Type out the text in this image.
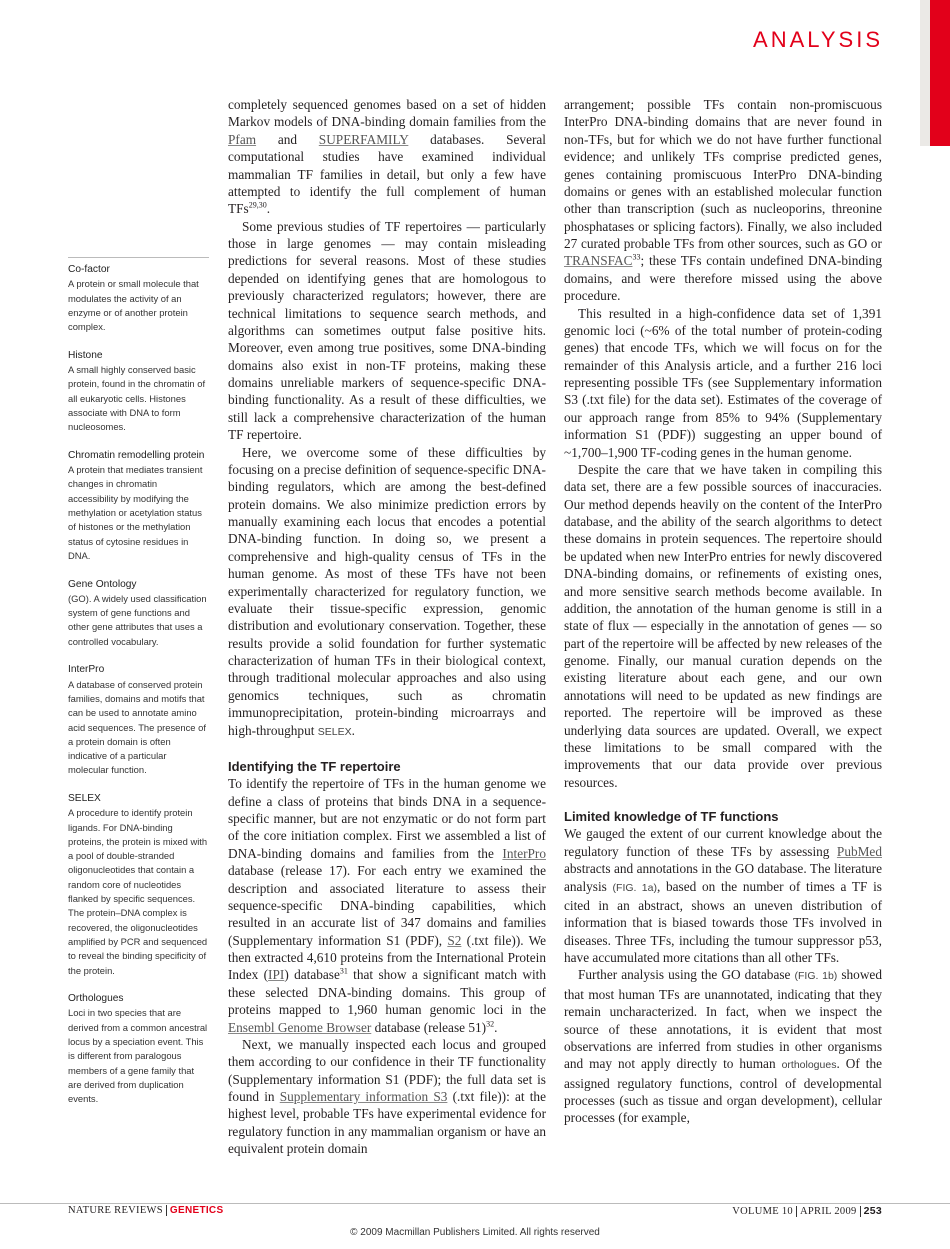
ANALYSIS
Co-factor
A protein or small molecule that modulates the activity of an enzyme or of another protein complex.
Histone
A small highly conserved basic protein, found in the chromatin of all eukaryotic cells. Histones associate with DNA to form nucleosomes.
Chromatin remodelling protein
A protein that mediates transient changes in chromatin accessibility by modifying the methylation or acetylation status of histones or the methylation status of cytosine residues in DNA.
Gene Ontology
(GO). A widely used classification system of gene functions and other gene attributes that uses a controlled vocabulary.
InterPro
A database of conserved protein families, domains and motifs that can be used to annotate amino acid sequences. The presence of a protein domain is often indicative of a particular molecular function.
SELEX
A procedure to identify protein ligands. For DNA-binding proteins, the protein is mixed with a pool of double-stranded oligonucleotides that contain a random core of nucleotides flanked by specific sequences. The protein–DNA complex is recovered, the oligonucleotides amplified by PCR and sequenced to reveal the binding specificity of the protein.
Orthologues
Loci in two species that are derived from a common ancestral locus by a speciation event. This is different from paralogous members of a gene family that are derived from duplication events.

completely sequenced genomes based on a set of hidden Markov models of DNA-binding domain families from the Pfam and SUPERFAMILY databases. Several computational studies have examined individual mammalian TF families in detail, but only a few have attempted to identify the full complement of human TFs$^{29,30}$.

Some previous studies of TF repertoires — particularly those in large genomes — may contain misleading predictions for several reasons. Most of these studies depended on identifying genes that are homologous to previously characterized regulators; however, there are technical limitations to sequence search methods, and algorithms can sometimes output false positive hits. Moreover, even among true positives, some DNA-binding domains also exist in non-TF proteins, making these domains unreliable markers of sequence-specific DNA-binding functionality. As a result of these difficulties, we still lack a comprehensive characterization of the human TF repertoire.

Here, we overcome some of these difficulties by focusing on a precise definition of sequence-specific DNA-binding regulators, which are among the best-defined protein domains. We also minimize prediction errors by manually examining each locus that encodes a potential DNA-binding function. In doing so, we present a comprehensive and high-quality census of TFs in the human genome. As most of these TFs have not been experimentally characterized for regulatory function, we evaluate their tissue-specific expression, genomic distribution and evolutionary conservation. Together, these results provide a solid foundation for further systematic characterization of human TFs in their biological context, through traditional molecular approaches and also using genomics techniques, such as chromatin immunoprecipitation, protein-binding microarrays and high-throughput SELEX.

Identifying the TF repertoire

To identify the repertoire of TFs in the human genome we define a class of proteins that binds DNA in a sequence-specific manner, but are not enzymatic or do not form part of the core initiation complex. First we assembled a list of DNA-binding domains and families from the InterPro database (release 17). For each entry we examined the description and associated literature to assess their sequence-specific DNA-binding capabilities, which resulted in an accurate list of 347 domains and families (Supplementary information S1 (PDF), S2 (.txt file)). We then extracted 4,610 proteins from the International Protein Index (IPI) database$^{31}$ that show a significant match with these selected DNA-binding domains. This group of proteins mapped to 1,960 human genomic loci in the Ensembl Genome Browser database (release 51)$^{32}$.

Next, we manually inspected each locus and grouped them according to our confidence in their TF functionality (Supplementary information S1 (PDF); the full data set is found in Supplementary information S3 (.txt file)): at the highest level, probable TFs have experimental evidence for regulatory function in any mammalian organism or have an equivalent protein domain

arrangement; possible TFs contain non-promiscuous InterPro DNA-binding domains that are never found in non-TFs, but for which we do not have further functional evidence; and unlikely TFs comprise predicted genes, genes containing promiscuous InterPro DNA-binding domains or genes with an established molecular function other than transcription (such as nucleoporins, threonine phosphatases or splicing factors). Finally, we also included 27 curated probable TFs from other sources, such as GO or TRANSFAC$^{33}$; these TFs contain undefined DNA-binding domains, and were therefore missed using the above procedure.

This resulted in a high-confidence data set of 1,391 genomic loci (~6% of the total number of protein-coding genes) that encode TFs, which we will focus on for the remainder of this Analysis article, and a further 216 loci representing possible TFs (see Supplementary information S3 (.txt file) for the data set). Estimates of the coverage of our approach range from 85% to 94% (Supplementary information S1 (PDF)) suggesting an upper bound of ~1,700–1,900 TF-coding genes in the human genome.

Despite the care that we have taken in compiling this data set, there are a few possible sources of inaccuracies. Our method depends heavily on the content of the InterPro database, and the ability of the search algorithms to detect these domains in protein sequences. The repertoire should be updated when new InterPro entries for newly discovered DNA-binding domains, or refinements of existing ones, and more sensitive search methods become available. In addition, the annotation of the human genome is still in a state of flux — especially in the annotation of genes — so part of the repertoire will be affected by new releases of the genome. Finally, our manual curation depends on the existing literature about each gene, and our own annotations will need to be updated as new findings are reported. The repertoire will be improved as these underlying data sources are updated. Overall, we expect these limitations to be small compared with the improvements that our data provide over previous resources.

Limited knowledge of TF functions

We gauged the extent of our current knowledge about the regulatory function of these TFs by assessing PubMed abstracts and annotations in the GO database. The literature analysis (FIG. 1a), based on the number of times a TF is cited in an abstract, shows an uneven distribution of information that is biased towards those TFs involved in diseases. Three TFs, including the tumour suppressor p53, have accumulated more citations than all other TFs.

Further analysis using the GO database (FIG. 1b) showed that most human TFs are unannotated, indicating that they remain uncharacterized. In fact, when we inspect the source of these annotations, it is evident that most observations are inferred from studies in other organisms and may not apply directly to human orthologues. Of the assigned regulatory functions, control of developmental processes (such as tissue and organ development), cellular processes (for example,

NATURE REVIEWS GENETICS	VOLUME 10 APRIL 2009 253
© 2009 Macmillan Publishers Limited. All rights reserved
